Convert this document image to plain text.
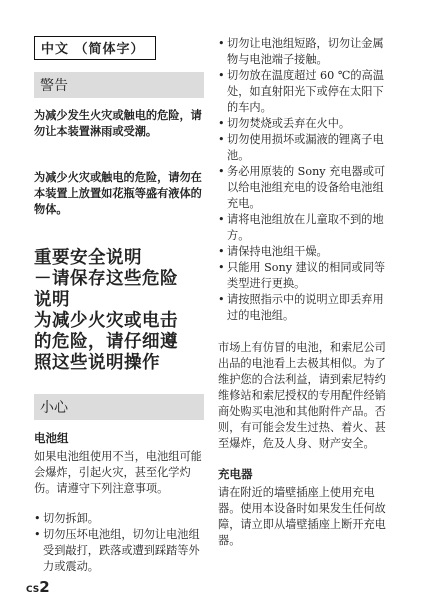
中文 （简体字）
警告

为减少发生火灾或触电的危险，请勿让本装置淋雨或受潮。

为减少火灾或触电的危险，请勿在本装置上放置如花瓶等盛有液体的物体。

重要安全说明
－请保存这些危险
说明
为减少火灾或电击
的危险，请仔细遵
照这些说明操作
小心
电池组

如果电池组使用不当，电池组可能会爆炸，引起火灾，甚至化学灼伤。请遵守下列注意事项。

• 切勿拆卸。
• 切勿压坏电池组，切勿让电池组受到敲打，跌落或遭到踩踏等外力或震动。
• 切勿让电池组短路，切勿让金属物与电池端子接触。
• 切勿放在温度超过 60 ℃的高温处，如直射阳光下或停在太阳下的车内。
• 切勿焚烧或丢弃在火中。
• 切勿使用损坏或漏液的锂离子电池。
• 务必用原装的 Sony 充电器或可以给电池组充电的设备给电池组充电。
• 请将电池组放在儿童取不到的地方。
• 请保持电池组干燥。
• 只能用 Sony 建议的相同或同等类型进行更换。
• 请按照指示中的说明立即丢弃用过的电池组。

市场上有仿冒的电池，和索尼公司出品的电池看上去极其相似。为了维护您的合法利益，请到索尼特约维修站和索尼授权的专用配件经销商处购买电池和其他附件产品。否则，有可能会发生过热、着火、甚至爆炸，危及人身、财产安全。

充电器

请在附近的墙壁插座上使用充电器。使用本设备时如果发生任何故障，请立即从墙壁插座上断开充电器。

CS2
